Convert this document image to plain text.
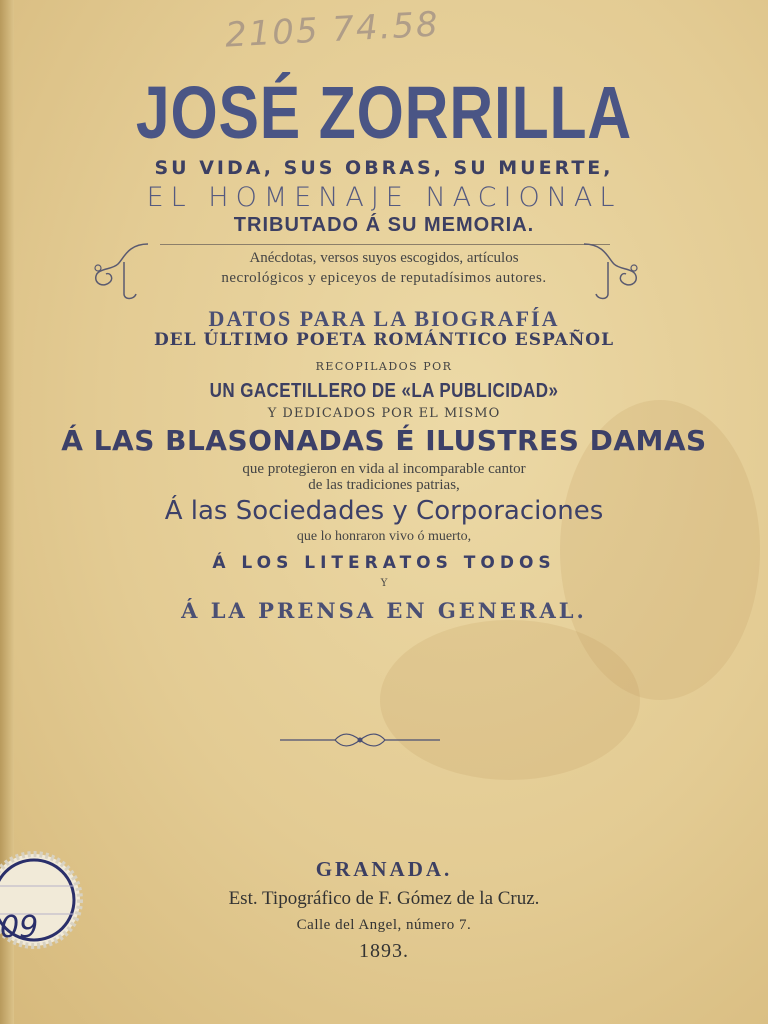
2105 74.58
JOSÉ ZORRILLA
SU VIDA, SUS OBRAS, SU MUERTE,
EL HOMENAJE NACIONAL
TRIBUTADO Á SU MEMORIA.
Anécdotas, versos suyos escogidos, artículos
necrológicos y epiceyos de reputadísimos autores.
DATOS PARA LA BIOGRAFÍA
DEL ÚLTIMO POETA ROMÁNTICO ESPAÑOL
RECOPILADOS POR
UN GACETILLERO DE «LA PUBLICIDAD»
Y DEDICADOS POR EL MISMO
Á LAS BLASONADAS É ILUSTRES DAMAS
que protegieron en vida al incomparable cantor
de las tradiciones patrias,
Á las Sociedades y Corporaciones
que lo honraron vivo ó muerto,
Á LOS LITERATOS TODOS
Y
Á LA PRENSA EN GENERAL.
GRANADA.
Est. Tipográfico de F. Gómez de la Cruz.
Calle del Angel, número 7.
1893.
09
